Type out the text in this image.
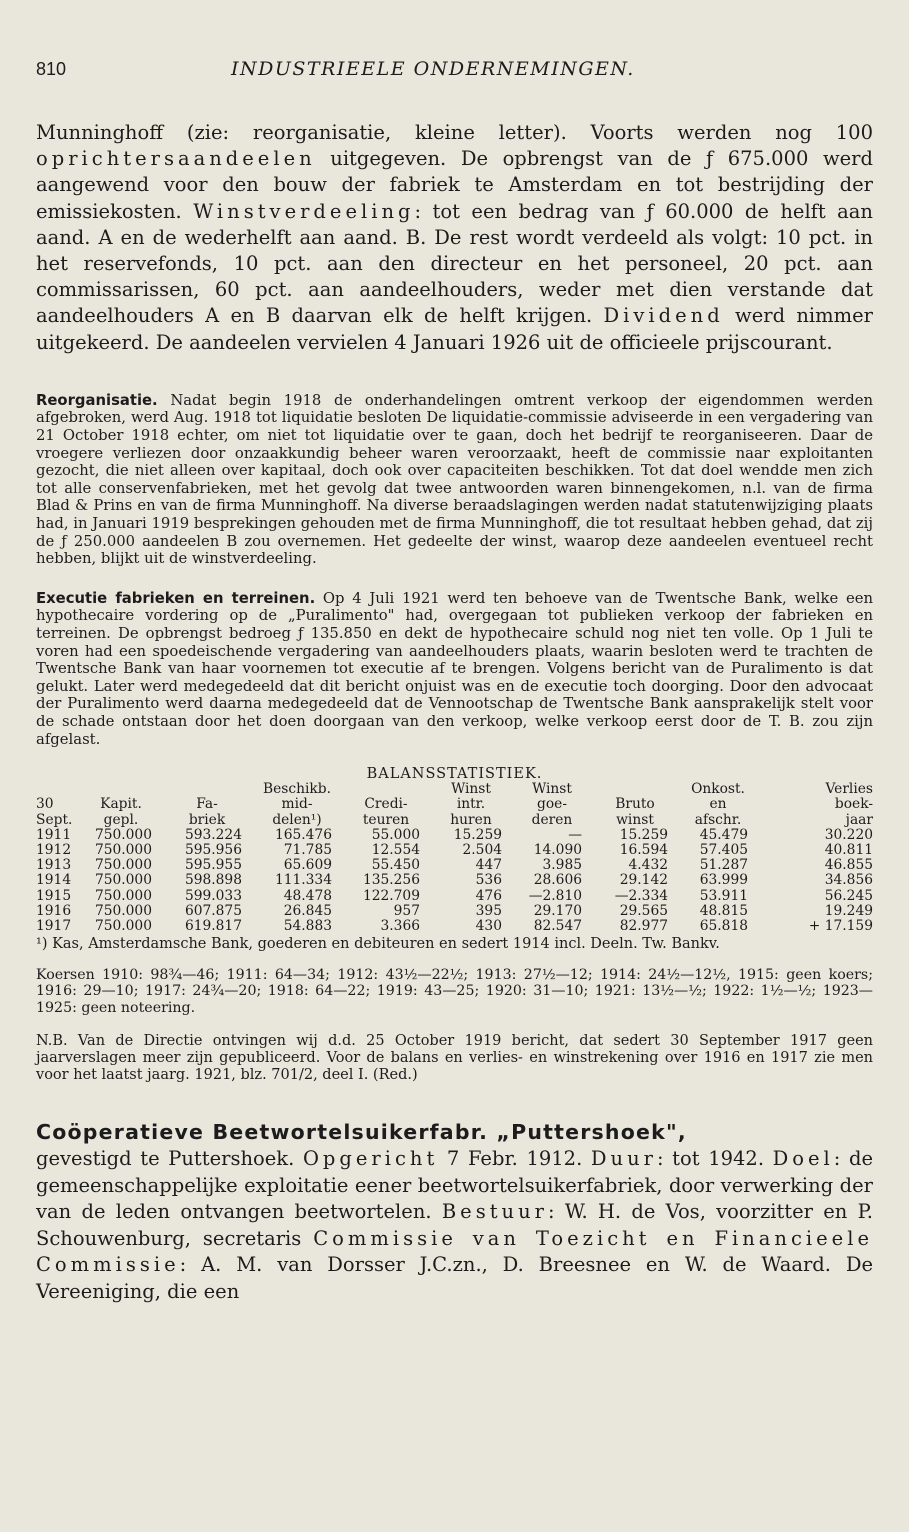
810	INDUSTRIEELE ONDERNEMINGEN.

Munninghoff (zie: reorganisatie, kleine letter). Voorts werden nog 100 oprichtersaandeelen uitgegeven. De opbrengst van de ƒ 675.000 werd aangewend voor den bouw der fabriek te Amsterdam en tot bestrijding der emissiekosten. Winstverdeeling: tot een bedrag van ƒ 60.000 de helft aan aand. A en de wederhelft aan aand. B. De rest wordt verdeeld als volgt: 10 pct. in het reservefonds, 10 pct. aan den directeur en het personeel, 20 pct. aan commissarissen, 60 pct. aan aandeelhouders, weder met dien verstande dat aandeelhouders A en B daarvan elk de helft krijgen. Dividend werd nimmer uitgekeerd. De aandeelen vervielen 4 Januari 1926 uit de officieele prijscourant.

Reorganisatie. Nadat begin 1918 de onderhandelingen omtrent verkoop der eigendommen werden afgebroken, werd Aug. 1918 tot liquidatie besloten De liquidatie-commissie adviseerde in een vergadering van 21 October 1918 echter, om niet tot liquidatie over te gaan, doch het bedrijf te reorganiseeren. Daar de vroegere verliezen door onzaakkundig beheer waren veroorzaakt, heeft de commissie naar exploitanten gezocht, die niet alleen over kapitaal, doch ook over capaciteiten beschikken. Tot dat doel wendde men zich tot alle conservenfabrieken, met het gevolg dat twee antwoorden waren binnengekomen, n.l. van de firma Blad & Prins en van de firma Munninghoff. Na diverse beraadslagingen werden nadat statutenwijziging plaats had, in Januari 1919 besprekingen gehouden met de firma Munninghoff, die tot resultaat hebben gehad, dat zij de ƒ 250.000 aandeelen B zou overnemen. Het gedeelte der winst, waarop deze aandeelen eventueel recht hebben, blijkt uit de winstverdeeling.

Executie fabrieken en terreinen. Op 4 Juli 1921 werd ten behoeve van de Twentsche Bank, welke een hypothecaire vordering op de „Puralimento" had, overgegaan tot publieken verkoop der fabrieken en terreinen. De opbrengst bedroeg ƒ 135.850 en dekt de hypothecaire schuld nog niet ten volle. Op 1 Juli te voren had een spoedeischende vergadering van aandeelhouders plaats, waarin besloten werd te trachten de Twentsche Bank van haar voornemen tot executie af te brengen. Volgens bericht van de Puralimento is dat gelukt. Later werd medegedeeld dat dit bericht onjuist was en de executie toch doorging. Door den advocaat der Puralimento werd daarna medegedeeld dat de Vennootschap de Twentsche Bank aansprakelijk stelt voor de schade ontstaan door het doen doorgaan van den verkoop, welke verkoop eerst door de T. B. zou zijn afgelast.

BALANSSTATISTIEK.
			Beschikb.		Winst	Winst		Onkost.	Verlies
30	Kapit.	Fa-	mid-	Credi-	intr.	goe-	Bruto	en	boek-
Sept.	gepl.	briek	delen¹)	teuren	huren	deren	winst	afschr.	jaar
1911	750.000	593.224	165.476	55.000	15.259	—	15.259	45.479	30.220
1912	750.000	595.956	71.785	12.554	2.504	14.090	16.594	57.405	40.811
1913	750.000	595.955	65.609	55.450	447	3.985	4.432	51.287	46.855
1914	750.000	598.898	111.334	135.256	536	28.606	29.142	63.999	34.856
1915	750.000	599.033	48.478	122.709	476	—2.810	—2.334	53.911	56.245
1916	750.000	607.875	26.845	957	395	29.170	29.565	48.815	19.249
1917	750.000	619.817	54.883	3.366	430	82.547	82.977	65.818	+ 17.159
¹) Kas, Amsterdamsche Bank, goederen en debiteuren en sedert 1914 incl. Deeln. Tw. Bankv.

Koersen 1910: 98¾—46; 1911: 64—34; 1912: 43½—22½; 1913: 27½—12; 1914: 24½—12½, 1915: geen koers; 1916: 29—10; 1917: 24¾—20; 1918: 64—22; 1919: 43—25; 1920: 31—10; 1921: 13½—½; 1922: 1½—½; 1923—1925: geen noteering.

N.B. Van de Directie ontvingen wij d.d. 25 October 1919 bericht, dat sedert 30 September 1917 geen jaarverslagen meer zijn gepubliceerd. Voor de balans en verlies- en winstrekening over 1916 en 1917 zie men voor het laatst jaarg. 1921, blz. 701/2, deel I. (Red.)

Coöperatieve Beetwortelsuikerfabr. „Puttershoek",

gevestigd te Puttershoek. Opgericht 7 Febr. 1912. Duur: tot 1942. Doel: de gemeenschappelijke exploitatie eener beetwortelsuikerfabriek, door verwerking der van de leden ontvangen beetwortelen. Bestuur: W. H. de Vos, voorzitter en P. Schouwenburg, secretaris Commissie van Toezicht en Financieele Commissie: A. M. van Dorsser J.C.zn., D. Breesnee en W. de Waard. De Vereeniging, die een
